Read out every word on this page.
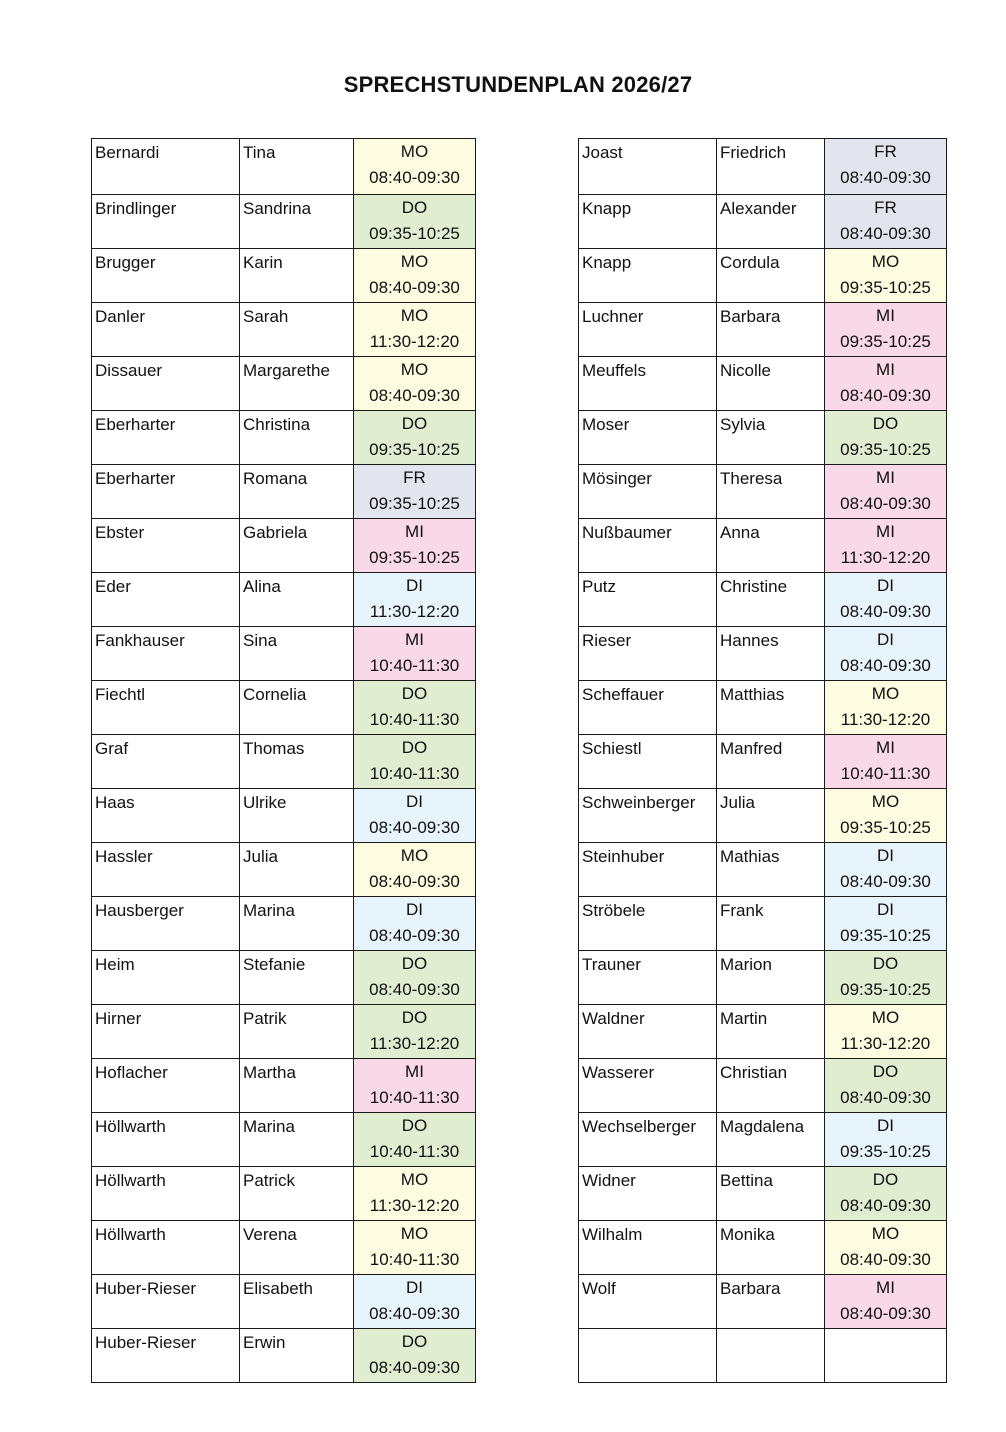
SPRECHSTUNDENPLAN 2026/27
Bernardi	Tina	MO
08:40-09:30

Brindlinger	Sandrina	DO
09:35-10:25

Brugger	Karin	MO
08:40-09:30

Danler	Sarah	MO
11:30-12:20

Dissauer	Margarethe	MO
08:40-09:30

Eberharter	Christina	DO
09:35-10:25

Eberharter	Romana	FR
09:35-10:25

Ebster	Gabriela	MI
09:35-10:25

Eder	Alina	DI
11:30-12:20

Fankhauser	Sina	MI
10:40-11:30

Fiechtl	Cornelia	DO
10:40-11:30

Graf	Thomas	DO
10:40-11:30

Haas	Ulrike	DI
08:40-09:30

Hassler	Julia	MO
08:40-09:30

Hausberger	Marina	DI
08:40-09:30

Heim	Stefanie	DO
08:40-09:30

Hirner	Patrik	DO
11:30-12:20

Hoflacher	Martha	MI
10:40-11:30

Höllwarth	Marina	DO
10:40-11:30

Höllwarth	Patrick	MO
11:30-12:20

Höllwarth	Verena	MO
10:40-11:30

Huber-Rieser	Elisabeth	DI
08:40-09:30

Huber-Rieser	Erwin	DO
08:40-09:30
Joast	Friedrich	FR
08:40-09:30

Knapp	Alexander	FR
08:40-09:30

Knapp	Cordula	MO
09:35-10:25

Luchner	Barbara	MI
09:35-10:25

Meuffels	Nicolle	MI
08:40-09:30

Moser	Sylvia	DO
09:35-10:25

Mösinger	Theresa	MI
08:40-09:30

Nußbaumer	Anna	MI
11:30-12:20

Putz	Christine	DI
08:40-09:30

Rieser	Hannes	DI
08:40-09:30

Scheffauer	Matthias	MO
11:30-12:20

Schiestl	Manfred	MI
10:40-11:30

Schweinberger	Julia	MO
09:35-10:25

Steinhuber	Mathias	DI
08:40-09:30

Ströbele	Frank	DI
09:35-10:25

Trauner	Marion	DO
09:35-10:25

Waldner	Martin	MO
11:30-12:20

Wasserer	Christian	DO
08:40-09:30

Wechselberger	Magdalena	DI
09:35-10:25

Widner	Bettina	DO
08:40-09:30

Wilhalm	Monika	MO
08:40-09:30

Wolf	Barbara	MI
08:40-09:30
